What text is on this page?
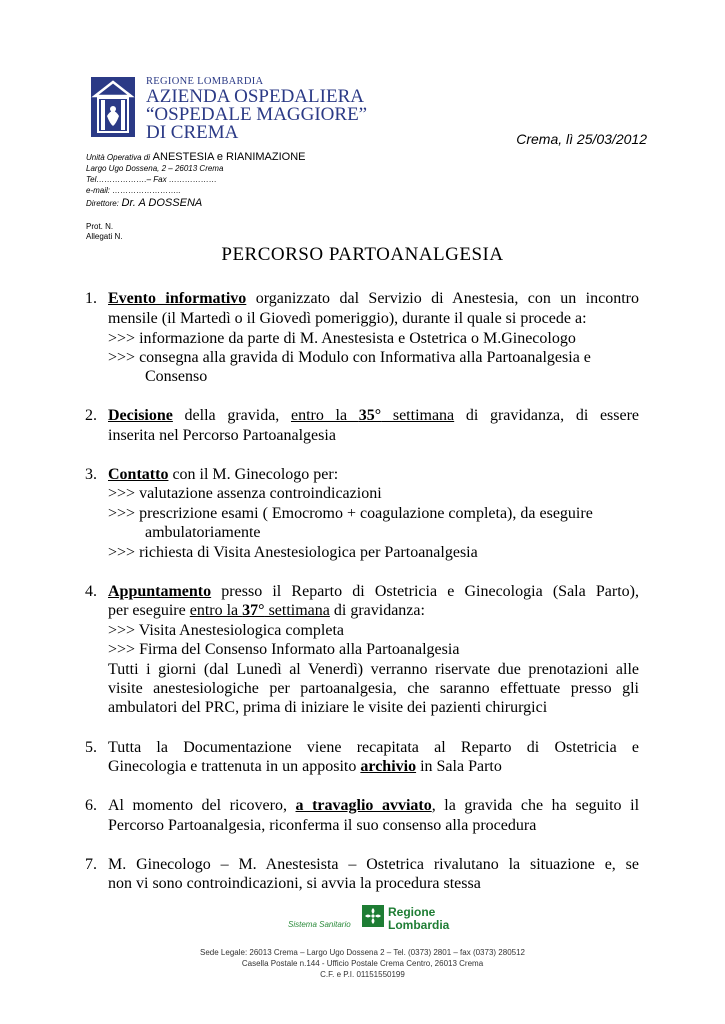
REGIONE LOMBARDIA
AZIENDA OSPEDALIERA
“OSPEDALE MAGGIORE”
DI CREMA	Crema, lì 25/03/2012
Unità Operativa di ANESTESIA e RIANIMAZIONE
Largo Ugo Dossena, 2 – 26013 Crema
Tel……………….– Fax ………………
e-mail: ……………………..
Direttore: Dr. A DOSSENA
Prot. N.
Allegati N.
PERCORSO PARTOANALGESIA
1. Evento informativo organizzato dal Servizio di Anestesia, con un incontro
mensile (il Martedì o il Giovedì pomeriggio), durante il quale si procede a:
>>> informazione da parte di M. Anestesista e Ostetrica o M.Ginecologo
>>> consegna alla gravida di Modulo con Informativa alla Partoanalgesia e
Consenso
2. Decisione della gravida, entro la 35° settimana di gravidanza, di essere
inserita nel Percorso Partoanalgesia
3. Contatto con il M. Ginecologo per:
>>> valutazione assenza controindicazioni
>>> prescrizione esami ( Emocromo + coagulazione completa), da eseguire
ambulatoriamente
>>> richiesta di Visita Anestesiologica per Partoanalgesia
4. Appuntamento presso il Reparto di Ostetricia e Ginecologia (Sala Parto),
per eseguire entro la 37° settimana di gravidanza:
>>> Visita Anestesiologica completa
>>> Firma del Consenso Informato alla Partoanalgesia
Tutti i giorni (dal Lunedì al Venerdì) verranno riservate due prenotazioni alle
visite anestesiologiche per partoanalgesia, che saranno effettuate presso gli
ambulatori del PRC, prima di iniziare le visite dei pazienti chirurgici
5. Tutta la Documentazione viene recapitata al Reparto di Ostetricia e
Ginecologia e trattenuta in un apposito archivio in Sala Parto
6. Al momento del ricovero, a travaglio avviato, la gravida che ha seguito il
Percorso Partoanalgesia, riconferma il suo consenso alla procedura
7. M. Ginecologo – M. Anestesista – Ostetrica rivalutano la situazione e, se
non vi sono controindicazioni, si avvia la procedura stessa
Sistema Sanitario
Regione
Lombardia
Sede Legale: 26013 Crema – Largo Ugo Dossena 2 – Tel. (0373) 2801 – fax (0373) 280512
Casella Postale n.144 - Ufficio Postale Crema Centro, 26013 Crema
C.F. e P.I. 01151550199
